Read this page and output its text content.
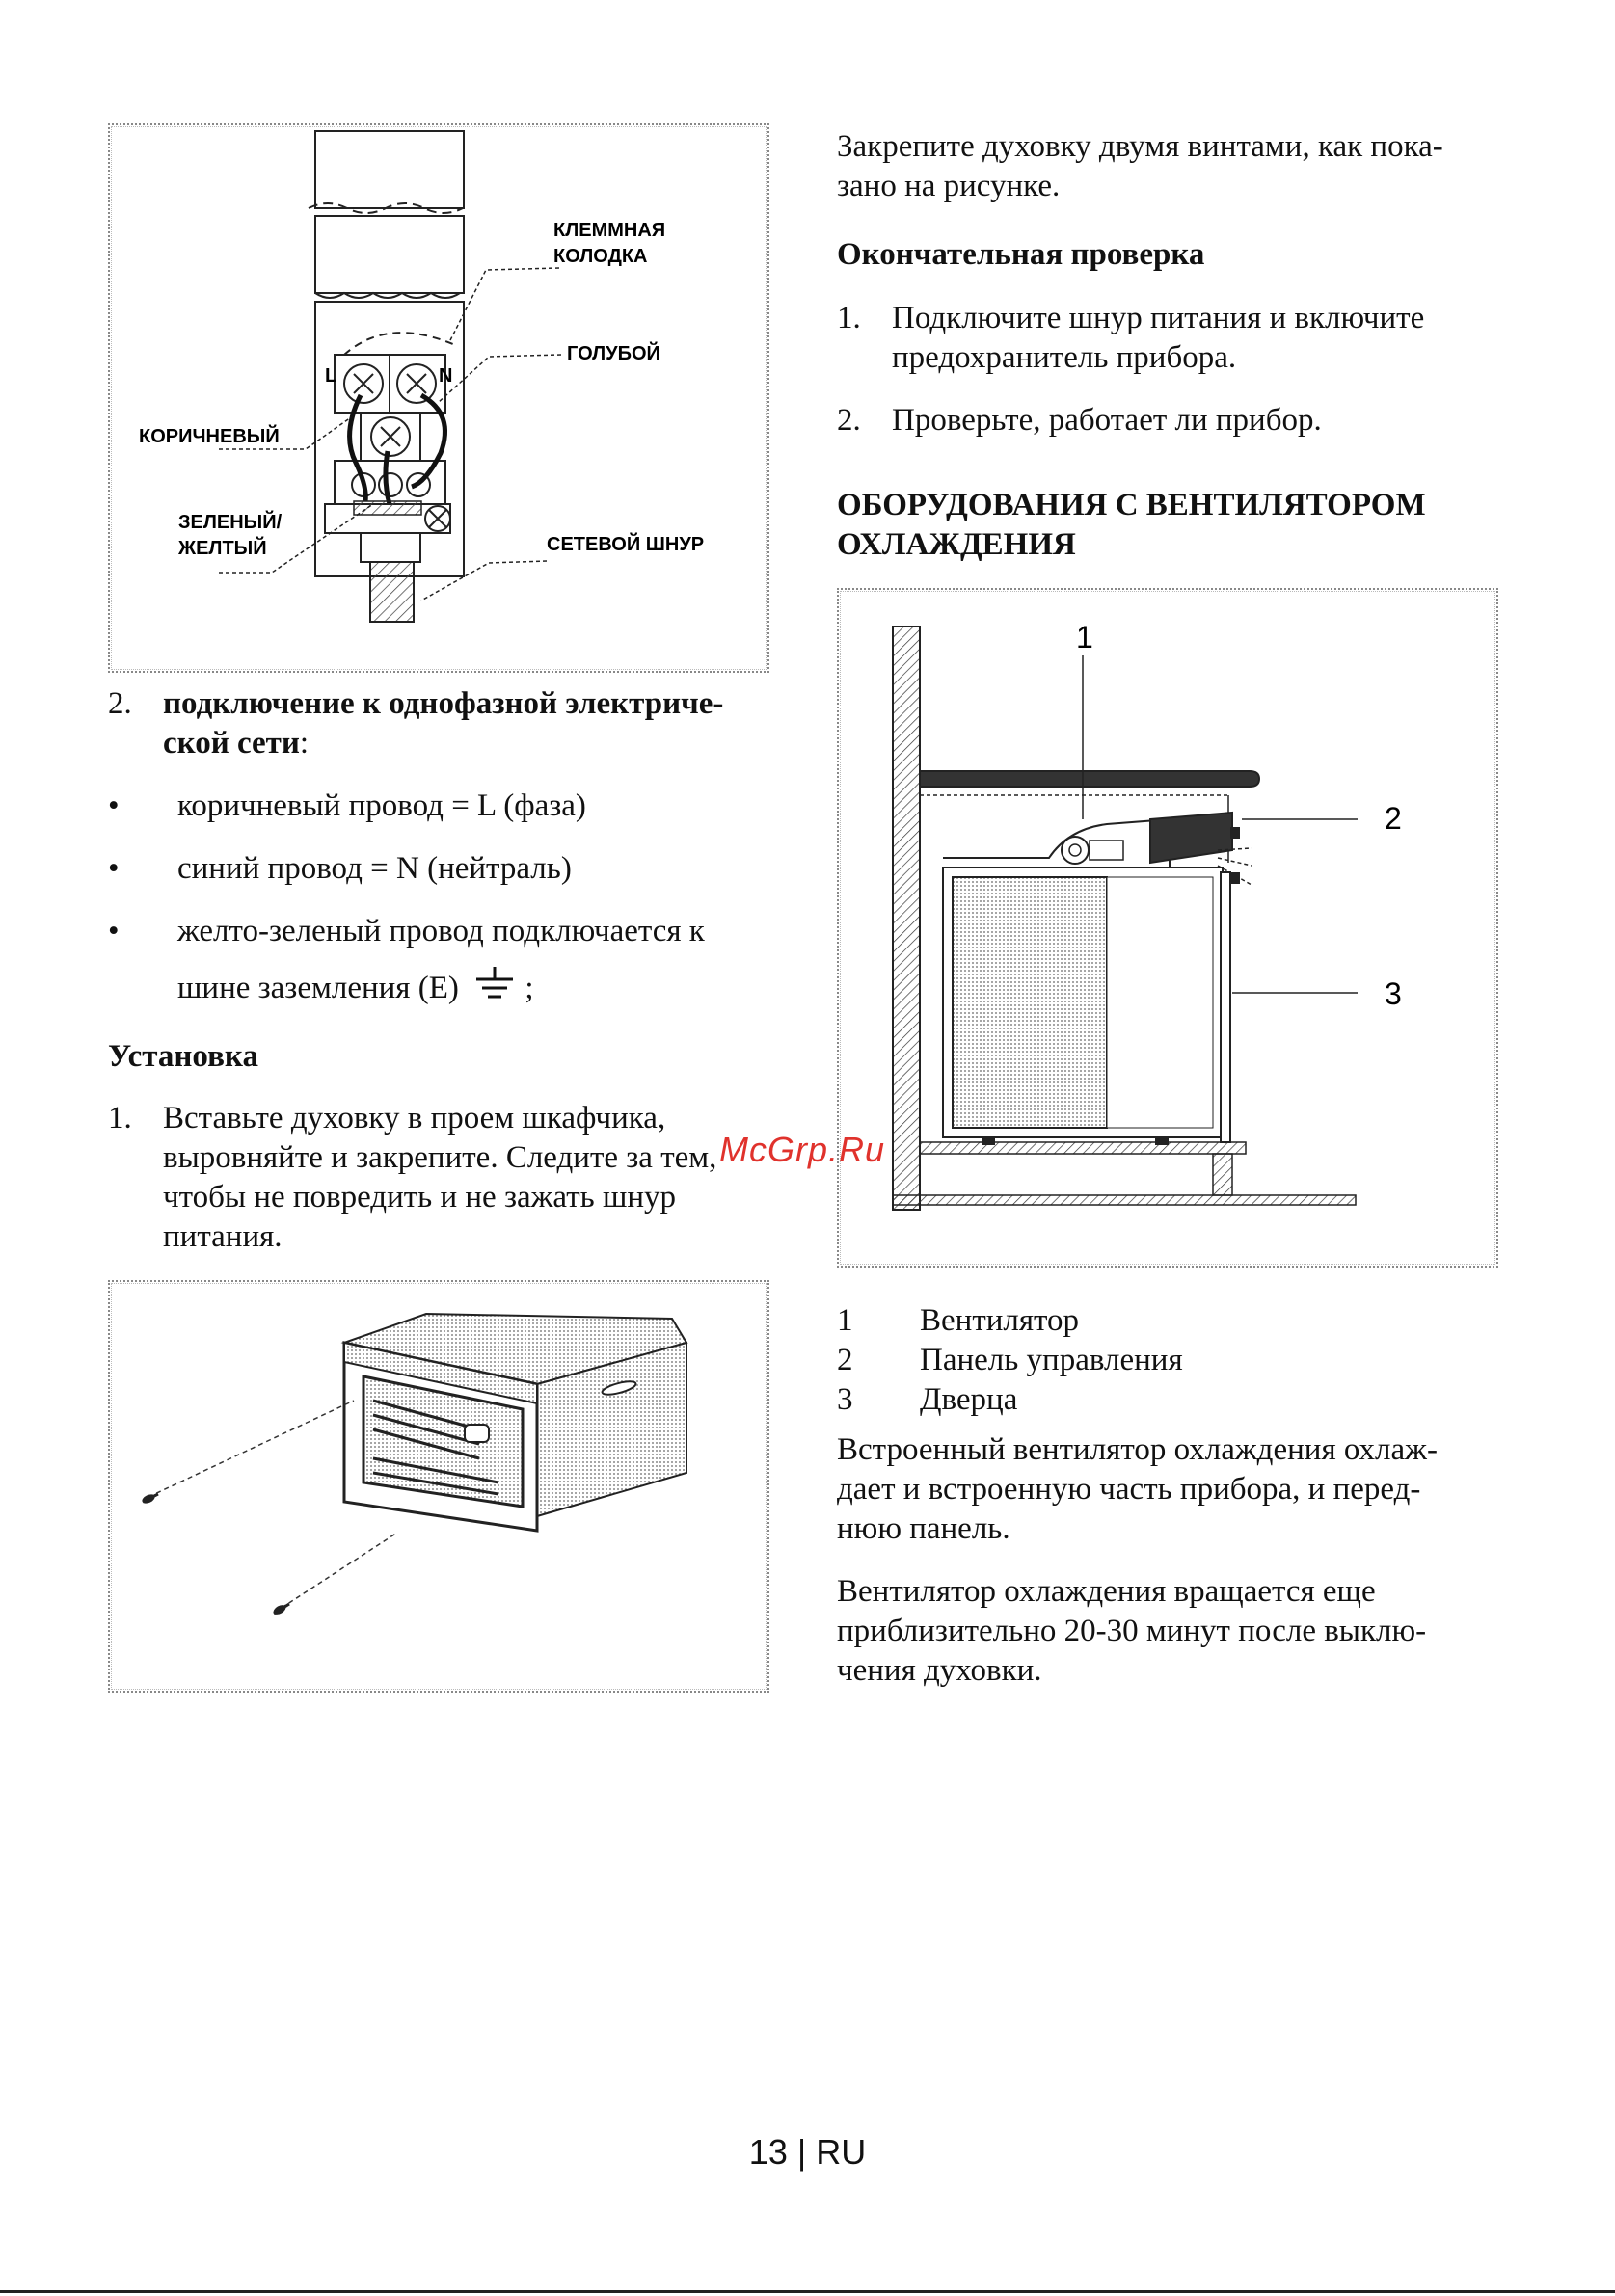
L	N
КЛЕММНАЯ
КОЛОДКА
ГОЛУБОЙ
КОРИЧНЕВЫЙ
ЗЕЛЕНЫЙ/
ЖЕЛТЫЙ	СЕТЕВОЙ ШНУР
2. подключение к однофазной электриче-
ской сети:
• коричневый провод = L (фаза)
• синий провод = N (нейтраль)
• желто-зеленый провод подключается к
шине заземления (E) ;
Установка
1. Вставьте духовку в проем шкафчика,
выровняйте и закрепите. Следите за тем,
чтобы не повредить и не зажать шнур
питания.
Закрепите духовку двумя винтами, как пока-
зано на рисунке.
Окончательная проверка
1. Подключите шнур питания и включите
предохранитель прибора.
2. Проверьте, работает ли прибор.
ОБОРУДОВАНИЯ С ВЕНТИЛЯТОРОМ
ОХЛАЖДЕНИЯ
1
2
3
1 Вентилятор
2 Панель управления
3 Дверца
Встроенный вентилятор охлаждения охлаж-
дает и встроенную часть прибора, и перед-
нюю панель.
Вентилятор охлаждения вращается еще
приблизительно 20-30 минут после выклю-
чения духовки.
McGrp.Ru
13 | RU
